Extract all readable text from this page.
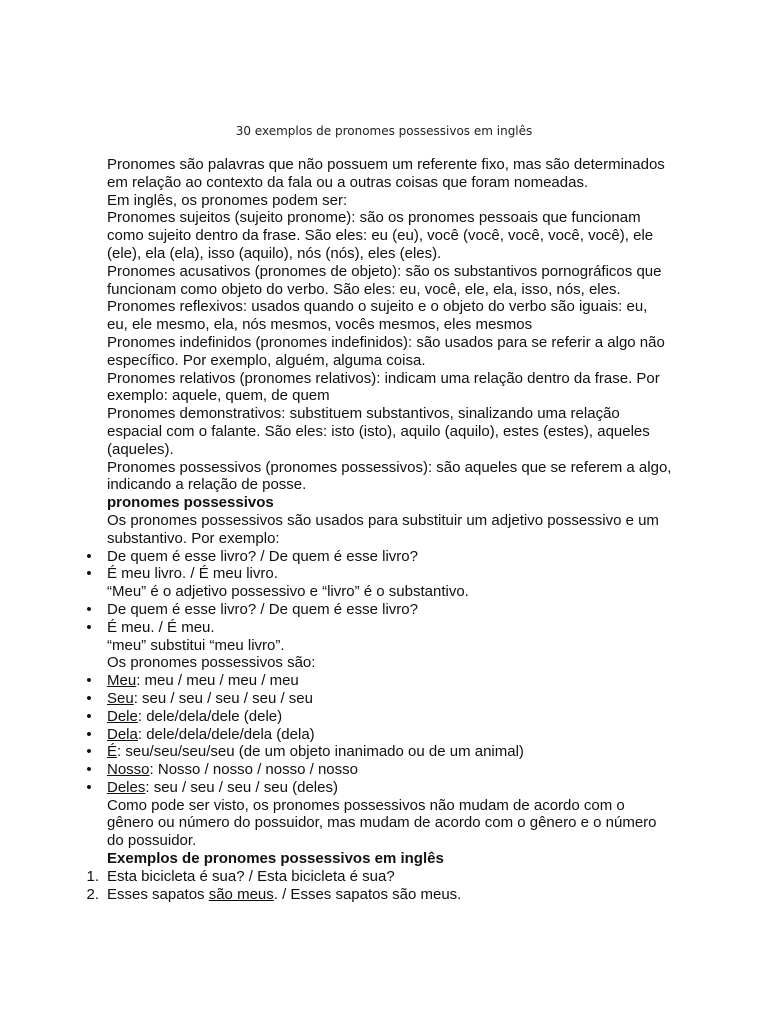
30 exemplos de pronomes possessivos em inglês

Pronomes são palavras que não possuem um referente fixo, mas são determinados em relação ao contexto da fala ou a outras coisas que foram nomeadas.

Em inglês, os pronomes podem ser:

Pronomes sujeitos (sujeito pronome): são os pronomes pessoais que funcionam como sujeito dentro da frase. São eles: eu (eu), você (você, você, você, você), ele (ele), ela (ela), isso (aquilo), nós (nós), eles (eles).

Pronomes acusativos (pronomes de objeto): são os substantivos pornográficos que funcionam como objeto do verbo. São eles: eu, você, ele, ela, isso, nós, eles.

Pronomes reflexivos: usados quando o sujeito e o objeto do verbo são iguais: eu, eu, ele mesmo, ela, nós mesmos, vocês mesmos, eles mesmos

Pronomes indefinidos (pronomes indefinidos): são usados para se referir a algo não específico. Por exemplo, alguém, alguma coisa.

Pronomes relativos (pronomes relativos): indicam uma relação dentro da frase. Por exemplo: aquele, quem, de quem

Pronomes demonstrativos: substituem substantivos, sinalizando uma relação espacial com o falante. São eles: isto (isto), aquilo (aquilo), estes (estes), aqueles (aqueles).

Pronomes possessivos (pronomes possessivos): são aqueles que se referem a algo, indicando a relação de posse.

pronomes possessivos

Os pronomes possessivos são usados para substituir um adjetivo possessivo e um substantivo. Por exemplo:

• De quem é esse livro? / De quem é esse livro?
• É meu livro. / É meu livro.

“Meu” é o adjetivo possessivo e “livro” é o substantivo.

• De quem é esse livro? / De quem é esse livro?
• É meu. / É meu.

“meu” substitui “meu livro”.

Os pronomes possessivos são:

• Meu: meu / meu / meu / meu
• Seu: seu / seu / seu / seu / seu
• Dele: dele/dela/dele (dele)
• Dela: dele/dela/dele/dela (dela)
• É: seu/seu/seu/seu (de um objeto inanimado ou de um animal)
• Nosso: Nosso / nosso / nosso / nosso
• Deles: seu / seu / seu / seu (deles)

Como pode ser visto, os pronomes possessivos não mudam de acordo com o gênero ou número do possuidor, mas mudam de acordo com o gênero e o número do possuidor.

Exemplos de pronomes possessivos em inglês
1. Esta bicicleta é sua? / Esta bicicleta é sua?
2. Esses sapatos são meus. / Esses sapatos são meus.
